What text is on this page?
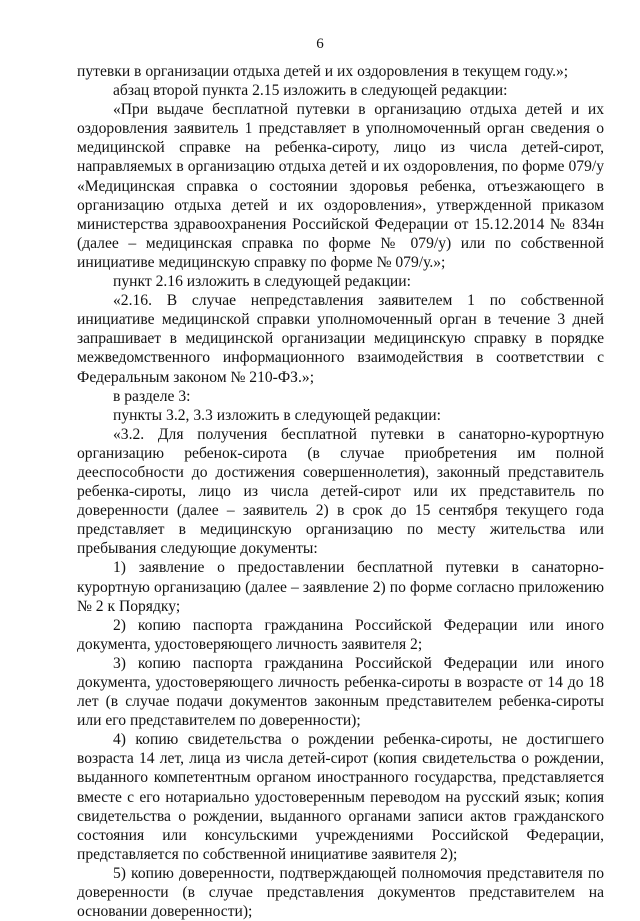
6

путевки в организации отдыха детей и их оздоровления в текущем году.»;

абзац второй пункта 2.15 изложить в следующей редакции:

«При выдаче бесплатной путевки в организацию отдыха детей и их оздоровления заявитель 1 представляет в уполномоченный орган сведения о медицинской справке на ребенка-сироту, лицо из числа детей-сирот, направляемых в организацию отдыха детей и их оздоровления, по форме 079/у «Медицинская справка о состоянии здоровья ребенка, отъезжающего в организацию отдыха детей и их оздоровления», утвержденной приказом министерства здравоохранения Российской Федерации от 15.12.2014 № 834н (далее – медицинская справка по форме № 079/у) или по собственной инициативе медицинскую справку по форме № 079/у.»;

пункт 2.16 изложить в следующей редакции:

«2.16. В случае непредставления заявителем 1 по собственной инициативе медицинской справки уполномоченный орган в течение 3 дней запрашивает в медицинской организации медицинскую справку в порядке межведомственного информационного взаимодействия в соответствии с Федеральным законом № 210-ФЗ.»;

в разделе 3:

пункты 3.2, 3.3 изложить в следующей редакции:

«3.2. Для получения бесплатной путевки в санаторно-курортную организацию ребенок-сирота (в случае приобретения им полной дееспособности до достижения совершеннолетия), законный представитель ребенка-сироты, лицо из числа детей-сирот или их представитель по доверенности (далее – заявитель 2) в срок до 15 сентября текущего года представляет в медицинскую организацию по месту жительства или пребывания следующие документы:

1) заявление о предоставлении бесплатной путевки в санаторно-курортную организацию (далее – заявление 2) по форме согласно приложению № 2 к Порядку;

2) копию паспорта гражданина Российской Федерации или иного документа, удостоверяющего личность заявителя 2;

3) копию паспорта гражданина Российской Федерации или иного документа, удостоверяющего личность ребенка-сироты в возрасте от 14 до 18 лет (в случае подачи документов законным представителем ребенка-сироты или его представителем по доверенности);

4) копию свидетельства о рождении ребенка-сироты, не достигшего возраста 14 лет, лица из числа детей-сирот (копия свидетельства о рождении, выданного компетентным органом иностранного государства, представляется вместе с его нотариально удостоверенным переводом на русский язык; копия свидетельства о рождении, выданного органами записи актов гражданского состояния или консульскими учреждениями Российской Федерации, представляется по собственной инициативе заявителя 2);

5) копию доверенности, подтверждающей полномочия представителя по доверенности (в случае представления документов представителем на основании доверенности);
